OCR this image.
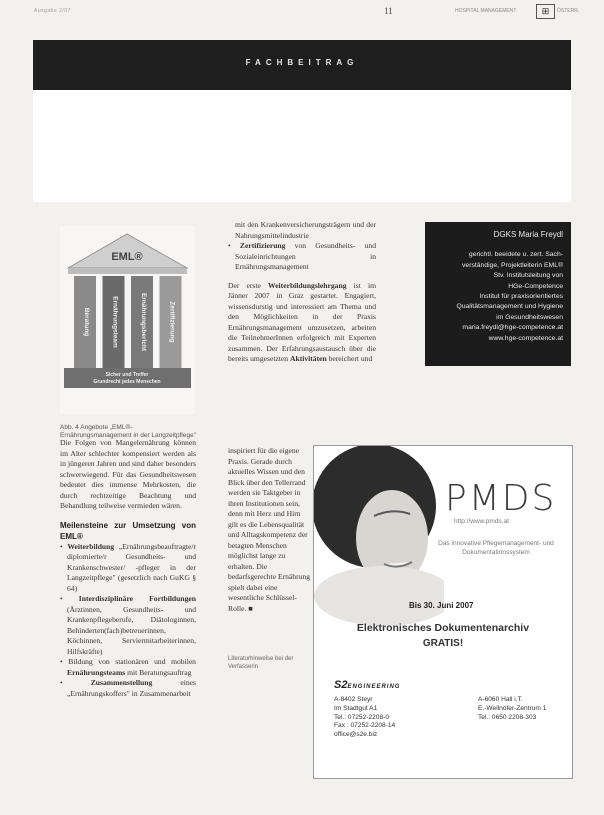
Ausgabe 2/07	11	HOSPITAL MANAGEMENT	⊞	ÖSTERR.
FACHBEITRAG
EML®
Beratung	Ernährungsteam	Ernährungsbericht	Zertifizierung
Sicher und Treffer
Grundrecht jedes Menschen
Abb. 4 Angebote „EML®-Ernährungsmanagement in der Langzeitpflege"

Die Folgen von Mangelernährung können im Alter schlechter kompensiert werden als in jüngeren Jahren und sind daher besonders schwerwiegend. Für das Gesundheitswesen bedeutet dies immense Mehrkosten, die durch rechtzeitige Beachtung und Behandlung teilweise vermieden wären.

Meilensteine zur Umsetzung von EML®

• Weiterbildung „Ernährungsbeauftragte/r diplomierte/r Gesundheits- und Krankenschwester/ -pfleger in der Langzeitpflege" (gesetzlich nach GuKG § 64)

• Interdisziplinäre Fortbildungen (Ärztinnen, Gesundheits- und Krankenpflegeberufe, Diätologinnen, Behinderten(fach)betreuerinnen, Köchinnen, Serviermitarbeiterinnen, Hilfskräfte)

• Bildung von stationären und mobilen Ernährungsteams mit Beratungsauftrag

• Zusammenstellung eines „Ernährungskoffers" in Zusammenarbeit

mit den Krankenversicherungsträgern und der Nahrungsmittelindustrie

• Zertifizierung von Gesundheits- und Sozialeinrichtungen in Ernährungsmanagement

Der erste Weiterbildungslehrgang ist im Jänner 2007 in Graz gestartet. Engagiert, wissensdurstig und interessiert am Thema und den Möglichkeiten in der Praxis Ernährungsmanagement umzusetzen, arbeiten die TeilnehmerInnen erfolgreich mit Experten zusammen. Der Erfahrungsaustausch über die bereits umgesetzten Aktivitäten bereichert und

inspiriert für die eigene Praxis. Gerade durch aktuelles Wissen und den Blick über den Tellerrand werden sie Taktgeber in ihren Institutionen sein, denn mit Herz und Hirn gilt es die Lebensqualität und Alltagskompetenz der betagten Menschen möglichst lange zu erhalten. Die bedarfsgerechte Ernährung spielt dabei eine wesentliche Schlüssel-Rolle. ■
Literaturhinweise bei der Verfasserin
DGKS Maria Freydl
gerichtl. beeidete u. zert. Sach-
verständige, Projektleiterin EML®
Stv. Institutsleitung von
HGe-Competence
Institut für praxisorientiertes
Qualitätsmanagement und Hygiene
im Gesundheitswesen
maria.freydl@hge-competence.at
www.hge-competence.at
PMDS
http://www.pmds.at
Das innovative Pflegemanagement- und Dokumentationssystem
Bis 30. Juni 2007
Elektronisches Dokumentenarchiv
GRATIS!
S2ENGINEERING
A-8402 Steyr
Im Stadtgut A1
Tel.: 07252-2208-0
Fax : 07252-2208-14
office@s2e.biz
A-6060 Hall i.T.
E.-Wellnöfer-Zentrum 1
Tel.: 0650 2208-303
